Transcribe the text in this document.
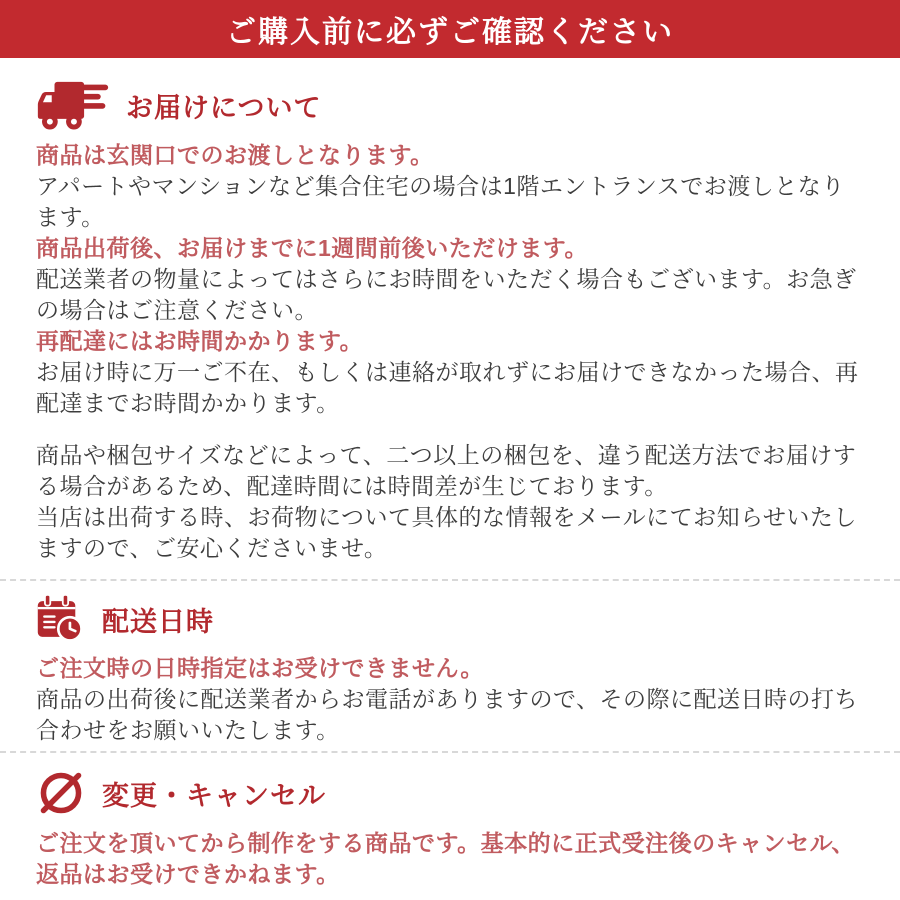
ご購入前に必ずご確認ください
お届けについて

商品は玄関口でのお渡しとなります。

アパートやマンションなど集合住宅の場合は1階エントランスでお渡しとなります。

商品出荷後、お届けまでに1週間前後いただけます。

配送業者の物量によってはさらにお時間をいただく場合もございます。お急ぎの場合はご注意ください。

再配達にはお時間かかります。

お届け時に万一ご不在、もしくは連絡が取れずにお届けできなかった場合、再配達までお時間かかります。

商品や梱包サイズなどによって、二つ以上の梱包を、違う配送方法でお届けする場合があるため、配達時間には時間差が生じております。

当店は出荷する時、お荷物について具体的な情報をメールにてお知らせいたしますので、ご安心くださいませ。

配送日時

ご注文時の日時指定はお受けできません。

商品の出荷後に配送業者からお電話がありますので、その際に配送日時の打ち合わせをお願いいたします。

変更・キャンセル

ご注文を頂いてから制作をする商品です。基本的に正式受注後のキャンセル、返品はお受けできかねます。
